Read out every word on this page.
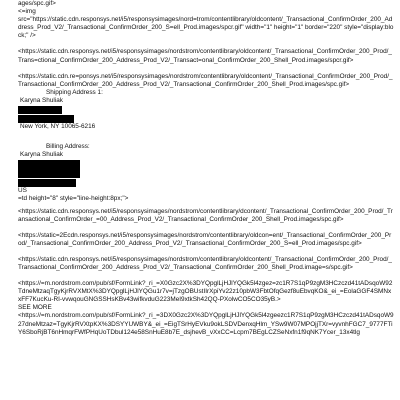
ages/spc.gif>
<=img
src="https://static.cdn.responsys.net/i5/responsysimages/nord=trom/contentlibrary/oldcontent/_Transactional_ConfirmOrder_200_Address_Prod_V2/_Transactional_ConfirmOrder_200_S=ell_Prod.images/spcr.gif" width="1" height="1" border="220" style="display:block;" />
<https://static.cdn.responsys.net/i5/responsysimages/nordstrom/contentlibrary/oldcontent/_Transactional_ConfirmOrder_200_Prod/_Trans=ctional_ConfirmOrder_200_Address_Prod_V2/_Transact=onal_ConfirmOrder_200_Shell_Prod.images/spcr.gif>
<https://static.cdn.re=ponsys.net/i5/responsysimages/nordstrom/contentlibrary/oldcontent/_Transactional_ConfirmOrder_200_Prod/_Transactional_ConfirmOrder_200_Address_Prod_V2/_Transactional_ConfirmOrder_200_Shell_Prod.images/spc.gif>
Shipping Address 1:
Karyna Shuliak
New York, NY 10065-6216
Billing Address:
Karyna Shuliak
US
=td height="8" style="line-height:8px;">
<https://static.cdn.responsys.net/i5/responsysimages/nordstrom/contentlibrary/dcontent/_Transactional_ConfirmOrder_200_Prod/_Transactional_ConfirmOrder_=00_Address_Prod_V2/_Transactional_ConfirmOrder_200_Shell_Prod.images/spc.gif>
<https://static=2Ecdn.responsys.net/i5/responsysimages/nordstrom/contentlibrary/oldcon=ent/_Transactional_ConfirmOrder_200_Prod/_Transactional_ConfirmOrder_200_Address_Prod_V2/_Transactional_ConfirmOrder_200_S=ell_Prod.images/spc.gif>
<https://static.cdn.responsys.net/i5/responsysimages/nordstrom/contentlibrary/oldcontent/_Transactional_ConfirmOrder_200_Prod/_Transactional_ConfirmOrder_200_Address_Prod_V2/_Transactional_ConfirmOrder_200_Shell_Prod.image=s/spc.gif>
<https://=m.nordstrom.com/pub/sf/FormLink?_ri_=X0Gzc2X%3DYQpglLjHJlYQGk5l4zgez=zc1R7S1qP9zgM3HCzczd41tADsqoW92TdneMtzaqTgyKjrRVXMtX%3DYQpglLjHJlYQGu1r7v=jTzgOBUstIIrXpiYv22z10pbW3FbtOfqGezf8uEbvqKO&_ei_=EolaGGF4SMNxxFF7KucKu-RI-vvwqouGNGSSHsKBv43wifkvduG223MeI9xtkSh42QQ-PXolwCO5CO35yB.>
SEE MORE
<https://=m.nordstrom.com/pub/sf/FormLink?_ri_=3DX0Gzc2X%3DYQpglLjHJlYQGk5l4zgeezc1R7S1qP9zgM3HCzczd41tADsqoW927dneMtzaz=TgyKjrRVXtpKX%3DSYYUWBY&_ei_=EigTSrHyEVku9okLSDVDenxqHlm_YSw9W07MPOjjTXr=vyvnhFGC7_9777FTiY6SboRjBT6nHmqrFWfPHqUoTDbul124e58SnHuE8b7E_dsjhevB_vXxCC=Lcpm7BEgLCZSeNxfn1f9qNK7Ycer_13x4tlg
